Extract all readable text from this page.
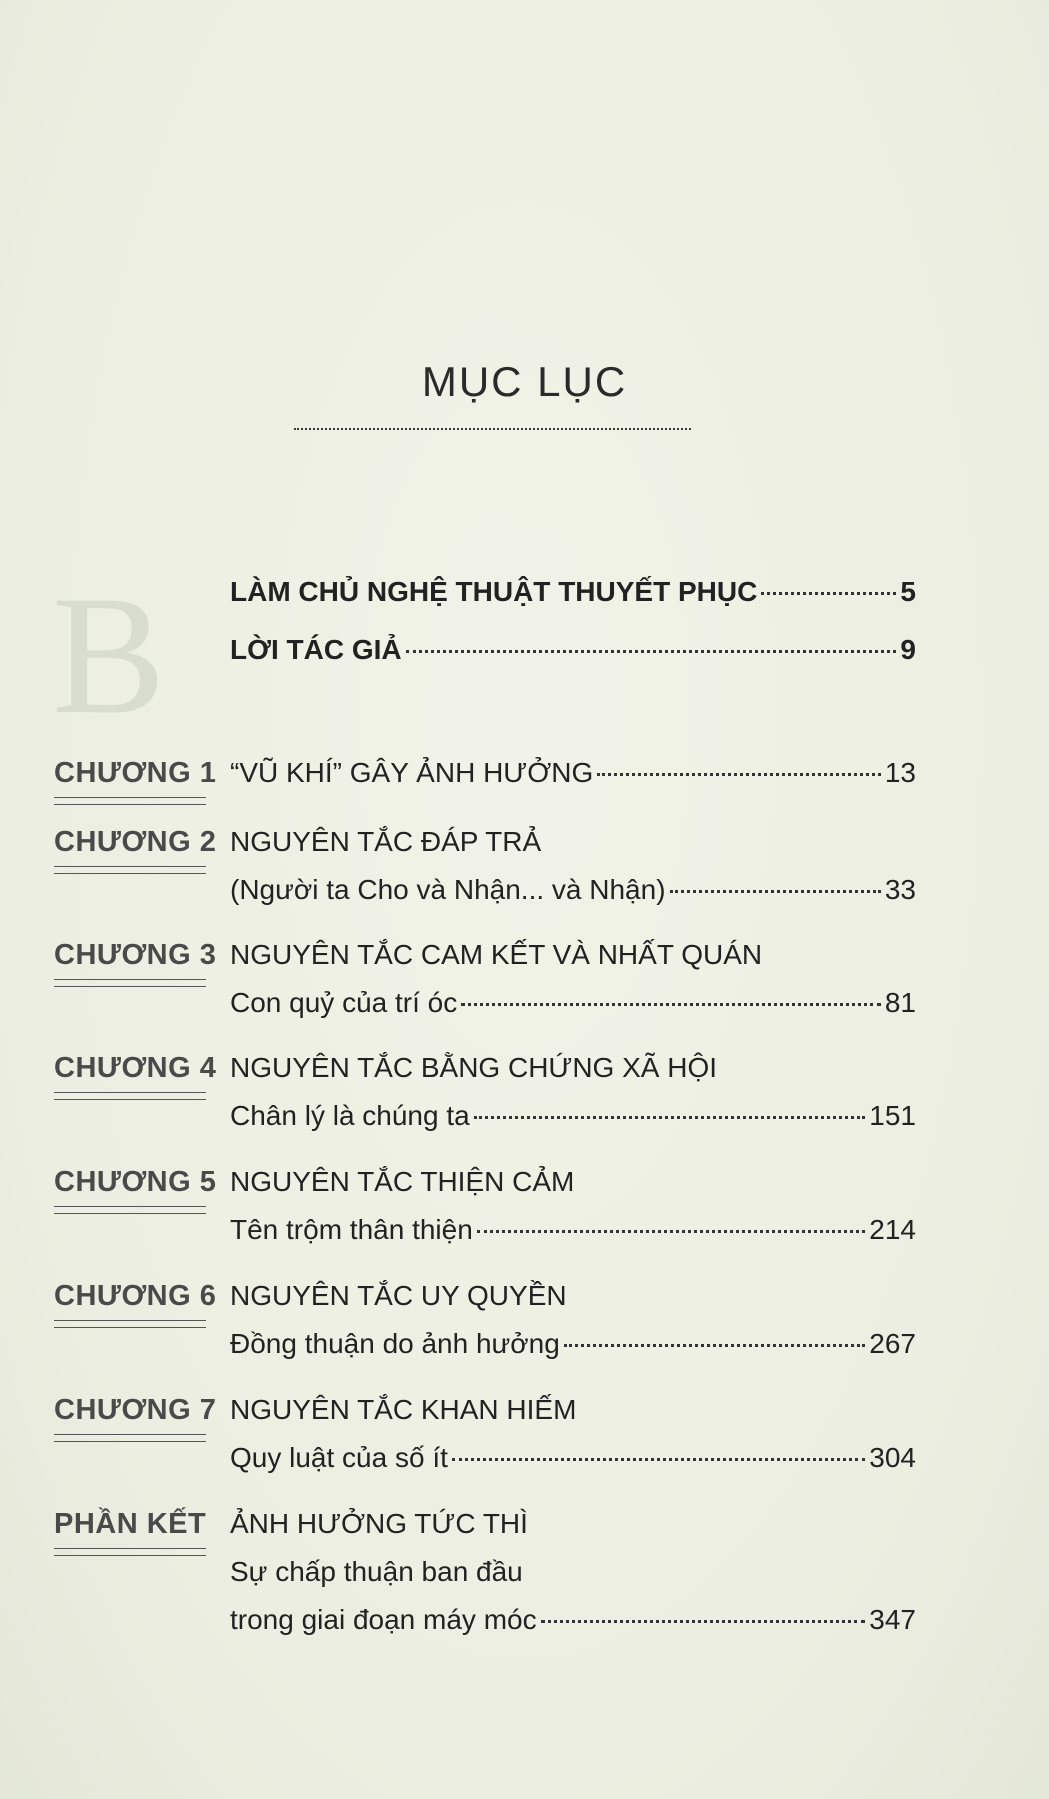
B
MỤC LỤC
LÀM CHỦ NGHỆ THUẬT THUYẾT PHỤC	5
LỜI TÁC GIẢ	9
CHƯƠNG 1 “VŨ KHÍ” GÂY ẢNH HƯỞNG	13
CHƯƠNG 2 NGUYÊN TẮC ĐÁP TRẢ
(Người ta Cho và Nhận... và Nhận)	33
CHƯƠNG 3 NGUYÊN TẮC CAM KẾT VÀ NHẤT QUÁN
Con quỷ của trí óc	81
CHƯƠNG 4 NGUYÊN TẮC BẰNG CHỨNG XÃ HỘI
Chân lý là chúng ta	151
CHƯƠNG 5 NGUYÊN TẮC THIỆN CẢM
Tên trộm thân thiện	214
CHƯƠNG 6 NGUYÊN TẮC UY QUYỀN
Đồng thuận do ảnh hưởng	267
CHƯƠNG 7 NGUYÊN TẮC KHAN HIẾM
Quy luật của số ít	304
PHẦN KẾT ẢNH HƯỞNG TỨC THÌ
Sự chấp thuận ban đầu
trong giai đoạn máy móc	347
